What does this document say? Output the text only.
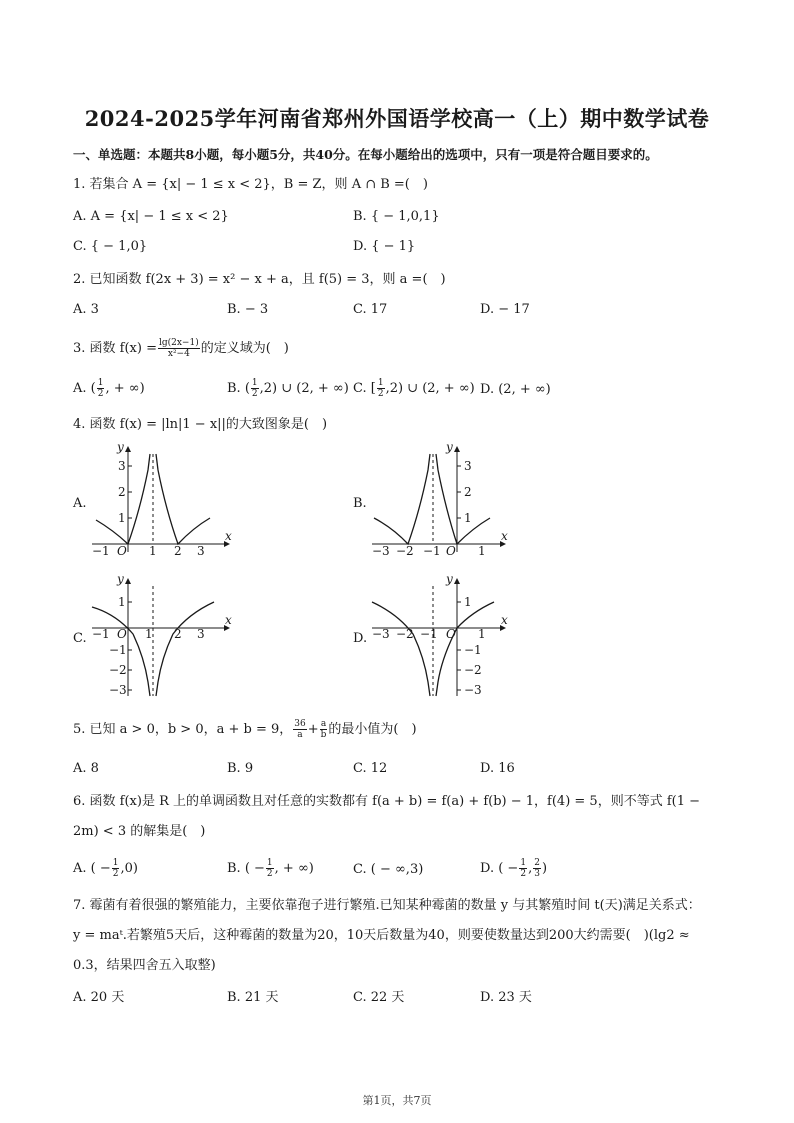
2024-2025学年河南省郑州外国语学校高一（上）期中数学试卷
一、单选题：本题共8小题，每小题5分，共40分。在每小题给出的选项中，只有一项是符合题目要求的。
1. 若集合 A = {x| − 1 ≤ x < 2}，B = Z，则 A ∩ B =(　)
A. A = {x| − 1 ≤ x < 2}	B. { − 1,0,1}
C. { − 1,0}	D. { − 1}
2. 已知函数 f(2x + 3) = x² − x + a，且 f(5) = 3，则 a =(　)
A. 3	B. − 3	C. 17	D. − 17
3. 函数 $f(x) = \frac{\lg(2x-1)}{\text{x²−4}}$ 的定义域为(　)
A. ( $\frac{1}{2}$ , + ∞)	B. ( $\frac{1}{2} ,2$) ∪ (2, + ∞) C. [ $\frac{1}{2} ,2$) ∪ (2, + ∞) D. (2, + ∞)
4. 函数 f(x) = |ln|1 − x||的大致图象是(　)
A.	B.
C.	D.
y
x
O
−1	1 2 3
3
2
1
y
x
O
−3 −2 −1	1
3
2
1
y
x
O
−1	1 2 3
1
−1
−2
−3
y
x
O
−3 −2 −1	1
1
−1
−2
−3
5. 已知 a > 0，b > 0，a + b = 9， $\frac{36}{a} + \frac{a}{b}$ 的最小值为(　)
A. 8	B. 9	C. 12	D. 16
6. 函数 f(x)是 R 上的单调函数且对任意的实数都有 f(a + b) = f(a) + f(b) − 1，f(4) = 5，则不等式 f(1 −
2m) < 3 的解集是(　)
A. ( − $\frac{1}{2} ,0$)	B. ( − $\frac{1}{2}$ , + ∞)	C. ( − ∞,3)	D. ( − $\frac{1}{2}$ , $\frac{2}{3}$ )
7. 霉菌有着很强的繁殖能力，主要依靠孢子进行繁殖.已知某种霉菌的数量 y 与其繁殖时间 t(天)满足关系式：
y = maᵗ.若繁殖5天后，这种霉菌的数量为20，10天后数量为40，则要使数量达到200大约需要(　)(lg2 ≈
0.3，结果四舍五入取整)
A. 20 天	B. 21 天	C. 22 天	D. 23 天
第1页，共7页
